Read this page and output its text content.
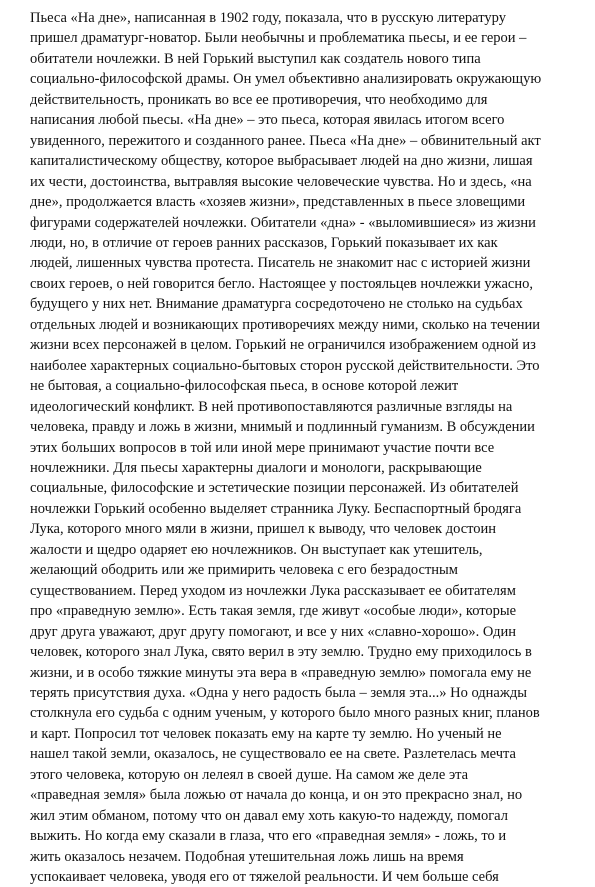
Пьеса «На дне», написанная в 1902 году, показала, что в русскую литературу
пришел драматург-новатор. Были необычны и проблематика пьесы, и ее герои –
обитатели ночлежки. В ней Горький выступил как создатель нового типа
социально-философской драмы. Он умел объективно анализировать окружающую
действительность, проникать во все ее противоречия, что необходимо для
написания любой пьесы. «На дне» – это пьеса, которая явилась итогом всего
увиденного, пережитого и созданного ранее. Пьеса «На дне» – обвинительный акт
капиталистическому обществу, которое выбрасывает людей на дно жизни, лишая
их чести, достоинства, вытравляя высокие человеческие чувства. Но и здесь, «на
дне», продолжается власть «хозяев жизни», представленных в пьесе зловещими
фигурами содержателей ночлежки. Обитатели «дна» - «выломившиеся» из жизни
люди, но, в отличие от героев ранних рассказов, Горький показывает их как
людей, лишенных чувства протеста. Писатель не знакомит нас с историей жизни
своих героев, о ней говорится бегло. Настоящее у постояльцев ночлежки ужасно,
будущего у них нет. Внимание драматурга сосредоточено не столько на судьбах
отдельных людей и возникающих противоречиях между ними, сколько на течении
жизни всех персонажей в целом. Горький не ограничился изображением одной из
наиболее характерных социально-бытовых сторон русской действительности. Это
не бытовая, а социально-философская пьеса, в основе которой лежит
идеологический конфликт. В ней противопоставляются различные взгляды на
человека, правду и ложь в жизни, мнимый и подлинный гуманизм. В обсуждении
этих больших вопросов в той или иной мере принимают участие почти все
ночлежники. Для пьесы характерны диалоги и монологи, раскрывающие
социальные, философские и эстетические позиции персонажей. Из обитателей
ночлежки Горький особенно выделяет странника Луку. Беспаспортный бродяга
Лука, которого много мяли в жизни, пришел к выводу, что человек достоин
жалости и щедро одаряет ею ночлежников. Он выступает как утешитель,
желающий ободрить или же примирить человека с его безрадостным
существованием. Перед уходом из ночлежки Лука рассказывает ее обитателям
про «праведную землю». Есть такая земля, где живут «особые люди», которые
друг друга уважают, друг другу помогают, и все у них «славно-хорошо». Один
человек, которого знал Лука, свято верил в эту землю. Трудно ему приходилось в
жизни, и в особо тяжкие минуты эта вера в «праведную землю» помогала ему не
терять присутствия духа. «Одна у него радость была – земля эта...» Но однажды
столкнула его судьба с одним ученым, у которого было много разных книг, планов
и карт. Попросил тот человек показать ему на карте ту землю. Но ученый не
нашел такой земли, оказалось, не существовало ее на свете. Разлетелась мечта
этого человека, которую он лелеял в своей душе. На самом же деле эта
«праведная земля» была ложью от начала до конца, и он это прекрасно знал, но
жил этим обманом, потому что он давал ему хоть какую-то надежду, помогал
выжить. Но когда ему сказали в глаза, что его «праведная земля» - ложь, то и
жить оказалось незачем. Подобная утешительная ложь лишь на время
успокаивает человека, уводя его от тяжелой реальности. И чем больше себя
